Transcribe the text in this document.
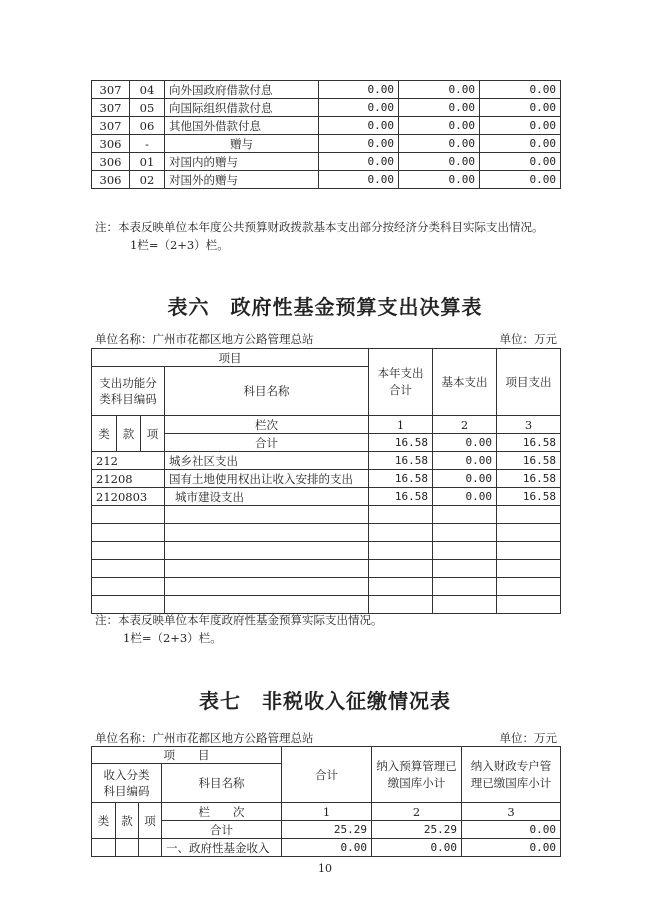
307	04	向外国政府借款付息	0.00	0.00	0.00
307	05	向国际组织借款付息	0.00	0.00	0.00
307	06	其他国外借款付息	0.00	0.00	0.00
306	-	赠与	0.00	0.00	0.00
306	01	对国内的赠与	0.00	0.00	0.00
306	02	对国外的赠与	0.00	0.00	0.00
注：本表反映单位本年度公共预算财政拨款基本支出部分按经济分类科目实际支出情况。
1栏=（2+3）栏。
表六　政府性基金预算支出决算表
单位名称：广州市花都区地方公路管理总站	单位：万元
项目				本年支出合计	基本支出	项目支出
支出功能分类科目编码			科目名称			

类	款	项	栏次	1	2	3
			合计	16.58	0.00	16.58
212			城乡社区支出	16.58	0.00	16.58
21208			国有土地使用权出让收入安排的支出	16.58	0.00	16.58
2120803			城市建设支出	16.58	0.00	16.58

注：本表反映单位本年度政府性基金预算实际支出情况。
1栏=（2+3）栏。
表七　非税收入征缴情况表
单位名称：广州市花都区地方公路管理总站	单位：万元
项　　目				合计	纳入预算管理已缴国库小计	纳入财政专户管理已缴国库小计
收入分类科目编码			科目名称			

类	款	项	栏　　次	1	2	3
			合计	25.29	25.29	0.00
			一、政府性基金收入	0.00	0.00	0.00
10
